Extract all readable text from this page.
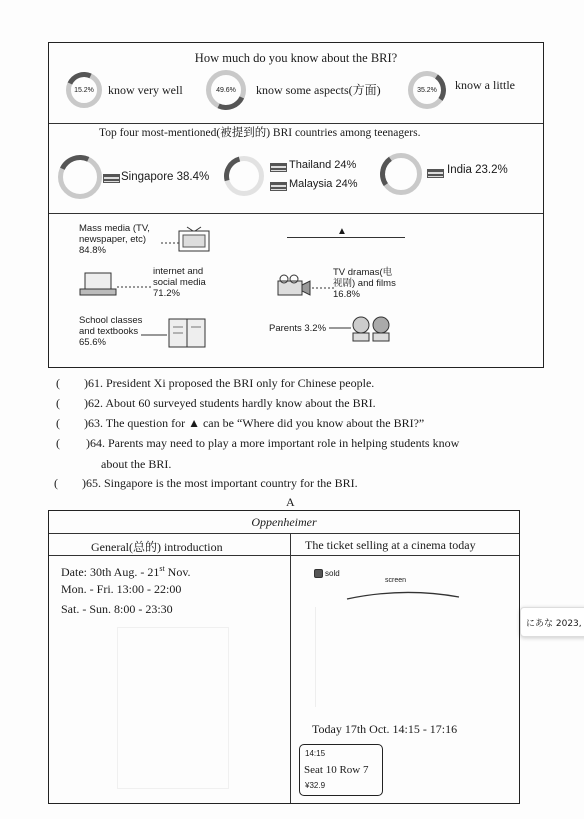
How much do you know about the BRI?
15.2% know very well	49.6%	know some aspects(方面)	35.2%	know a little
Top four most-mentioned(被提到的) BRI countries among teenagers.
Singapore 38.4%
Thailand 24%
Malaysia 24%
India 23.2%
Mass media (TV,
newspaper, etc)
84.8%
▲
internet and
social media
71.2%
TV dramas(电
视剧) and films
16.8%
School classes
and textbooks
65.6%
Parents 3.2%
( )61. President Xi proposed the BRI only for Chinese people.
( )62. About 60 surveyed students hardly know about the BRI.
( )63. The question for ▲ can be “Where did you know about the BRI?”
( )64. Parents may need to play a more important role in helping students know
about the BRI.
( )65. Singapore is the most important country for the BRI.
A
Oppenheimer
General(总的) introduction	The ticket selling at a cinema today
Date: 30th Aug. - 21st Nov.
Mon. - Fri. 13:00 - 22:00
Sat. - Sun. 8:00 - 23:30
sold
screen
Today 17th Oct. 14:15 - 17:16
14:15
Seat 10 Row 7
¥32.9
にあな 2023,
